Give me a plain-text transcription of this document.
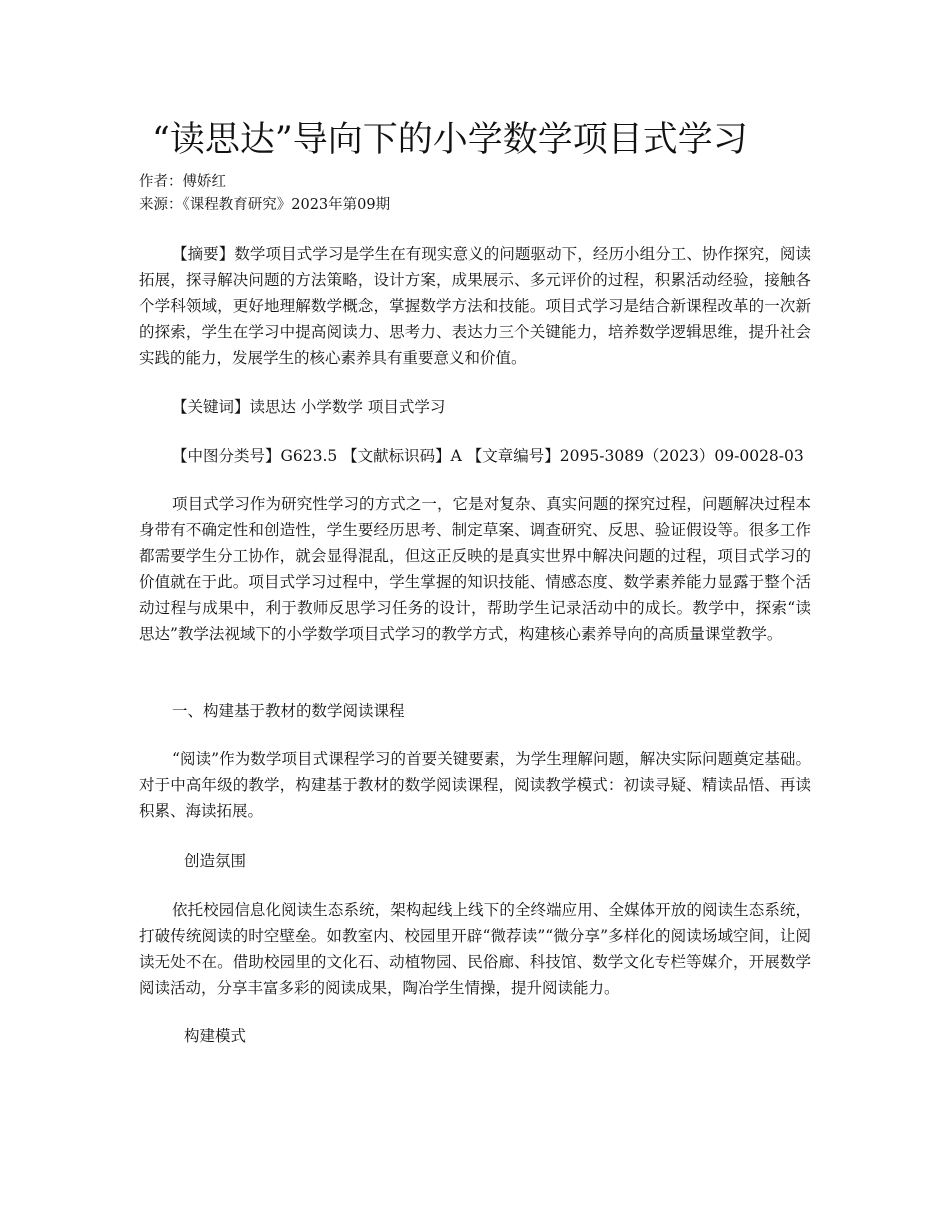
“读思达”导向下的小学数学项目式学习
作者：傅娇红
来源：《课程教育研究》2023年第09期

【摘要】数学项目式学习是学生在有现实意义的问题驱动下，经历小组分工、协作探究，阅读拓展，探寻解决问题的方法策略，设计方案，成果展示、多元评价的过程，积累活动经验，接触各个学科领域，更好地理解数学概念，掌握数学方法和技能。项目式学习是结合新课程改革的一次新的探索，学生在学习中提高阅读力、思考力、表达力三个关键能力，培养数学逻辑思维，提升社会实践的能力，发展学生的核心素养具有重要意义和价值。

【关键词】读思达 小学数学 项目式学习
【中图分类号】G623.5 【文献标识码】A 【文章编号】2095-3089（2023）09-0028-03

项目式学习作为研究性学习的方式之一，它是对复杂、真实问题的探究过程，问题解决过程本身带有不确定性和创造性，学生要经历思考、制定草案、调查研究、反思、验证假设等。很多工作都需要学生分工协作，就会显得混乱，但这正反映的是真实世界中解决问题的过程，项目式学习的价值就在于此。项目式学习过程中，学生掌握的知识技能、情感态度、数学素养能力显露于整个活动过程与成果中，利于教师反思学习任务的设计，帮助学生记录活动中的成长。教学中，探索“读思达”教学法视域下的小学数学项目式学习的教学方式，构建核心素养导向的高质量课堂教学。

一、构建基于教材的数学阅读课程

“阅读”作为数学项目式课程学习的首要关键要素，为学生理解问题，解决实际问题奠定基础。对于中高年级的教学，构建基于教材的数学阅读课程，阅读教学模式：初读寻疑、精读品悟、再读积累、海读拓展。

创造氛围

依托校园信息化阅读生态系统，架构起线上线下的全终端应用、全媒体开放的阅读生态系统，打破传统阅读的时空壁垒。如教室内、校园里开辟“微荐读”“微分享”多样化的阅读场域空间，让阅读无处不在。借助校园里的文化石、动植物园、民俗廊、科技馆、数学文化专栏等媒介，开展数学阅读活动，分享丰富多彩的阅读成果，陶冶学生情操，提升阅读能力。

构建模式
